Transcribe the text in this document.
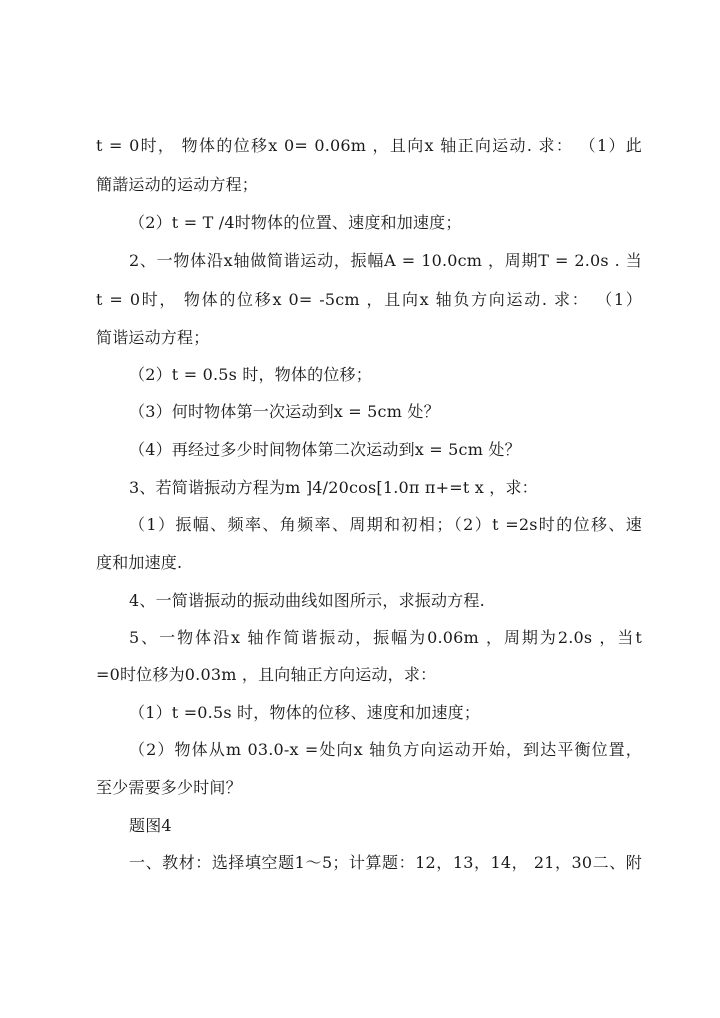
t = 0时， 物体的位移x 0= 0.06m ，且向x 轴正向运动. 求： （1）此
簡諧运动的运动方程；
（2）t = T /4时物体的位置、速度和加速度；
2、一物体沿x轴做简谐运动，振幅A = 10.0cm ，周期T = 2.0s . 当
t = 0时， 物体的位移x 0= -5cm ，且向x 轴负方向运动. 求： （1）
简谐运动方程；
（2）t = 0.5s 时，物体的位移；
（3）何时物体第一次运动到x = 5cm 处？
（4）再经过多少时间物体第二次运动到x = 5cm 处？
3、若简谐振动方程为m ]4/20cos[1.0π π+=t x ，求：
（1）振幅、频率、角频率、周期和初相；（2）t =2s时的位移、速
度和加速度.
4、一简谐振动的振动曲线如图所示，求振动方程.
5、一物体沿x 轴作简谐振动，振幅为0.06m ，周期为2.0s ，当t
=0时位移为0.03m ，且向轴正方向运动，求：
（1）t =0.5s 时，物体的位移、速度和加速度；
（2）物体从m 03.0-x =处向x 轴负方向运动开始，到达平衡位置，
至少需要多少时间？
题图4
一、教材：选择填空题1～5；计算题：12，13，14， 21，30二、附
